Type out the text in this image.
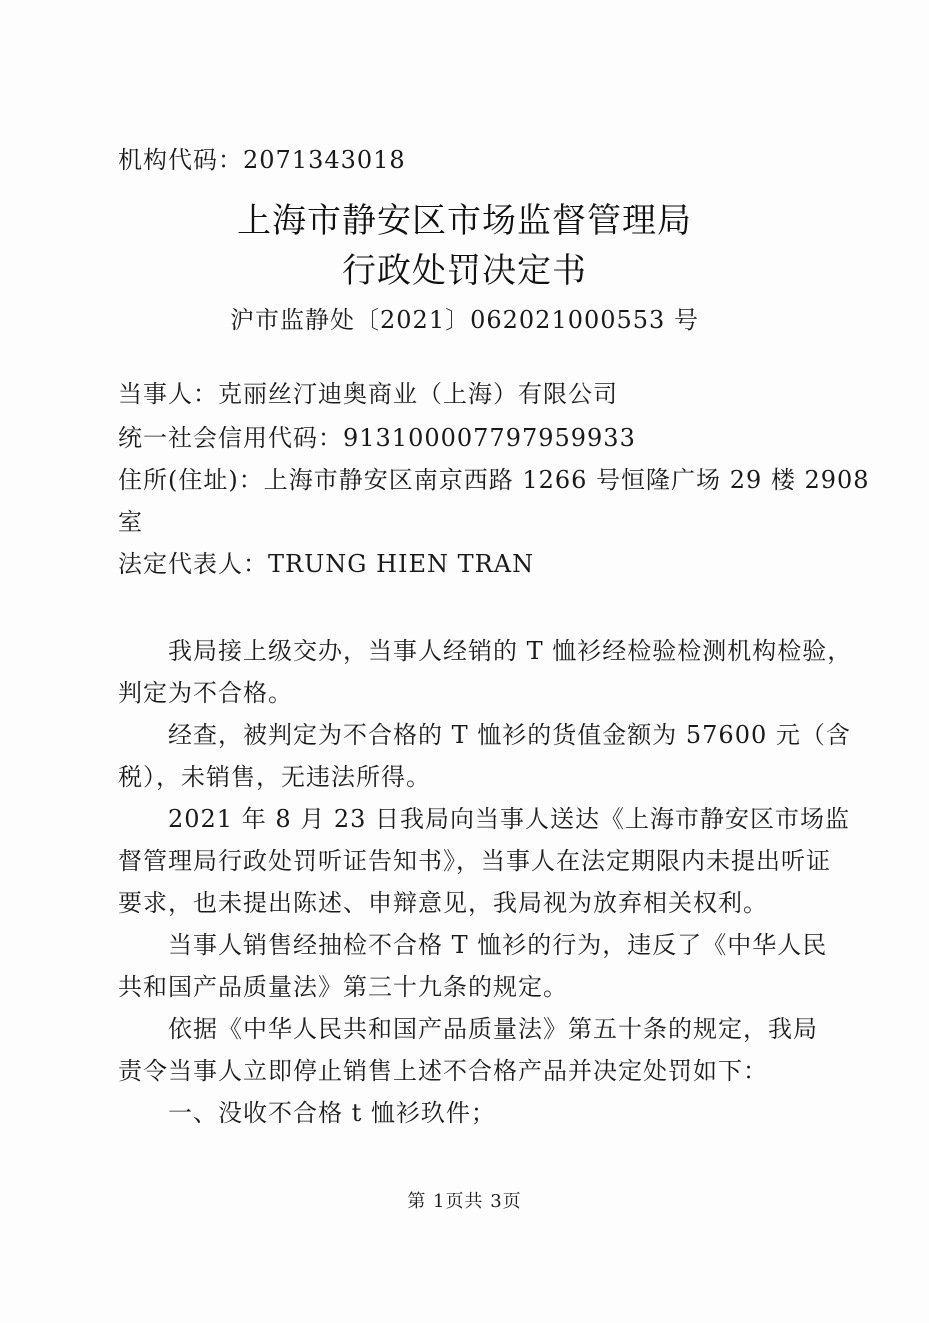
机构代码：2071343018
上海市静安区市场监督管理局
行政处罚决定书
沪市监静处〔2021〕062021000553 号
当事人：克丽丝汀迪奥商业（上海）有限公司
统一社会信用代码：913100007797959933
住所(住址)：上海市静安区南京西路 1266 号恒隆广场 29 楼 2908
室
法定代表人：TRUNG HIEN TRAN
我局接上级交办，当事人经销的 T 恤衫经检验检测机构检验，
判定为不合格。
经查，被判定为不合格的 T 恤衫的货值金额为 57600 元（含
税），未销售，无违法所得。
2021 年 8 月 23 日我局向当事人送达《上海市静安区市场监
督管理局行政处罚听证告知书》，当事人在法定期限内未提出听证
要求，也未提出陈述、申辩意见，我局视为放弃相关权利。
当事人销售经抽检不合格 T 恤衫的行为，违反了《中华人民
共和国产品质量法》第三十九条的规定。
依据《中华人民共和国产品质量法》第五十条的规定，我局
责令当事人立即停止销售上述不合格产品并决定处罚如下：
一、没收不合格 t 恤衫玖件；
第 1页共 3页
